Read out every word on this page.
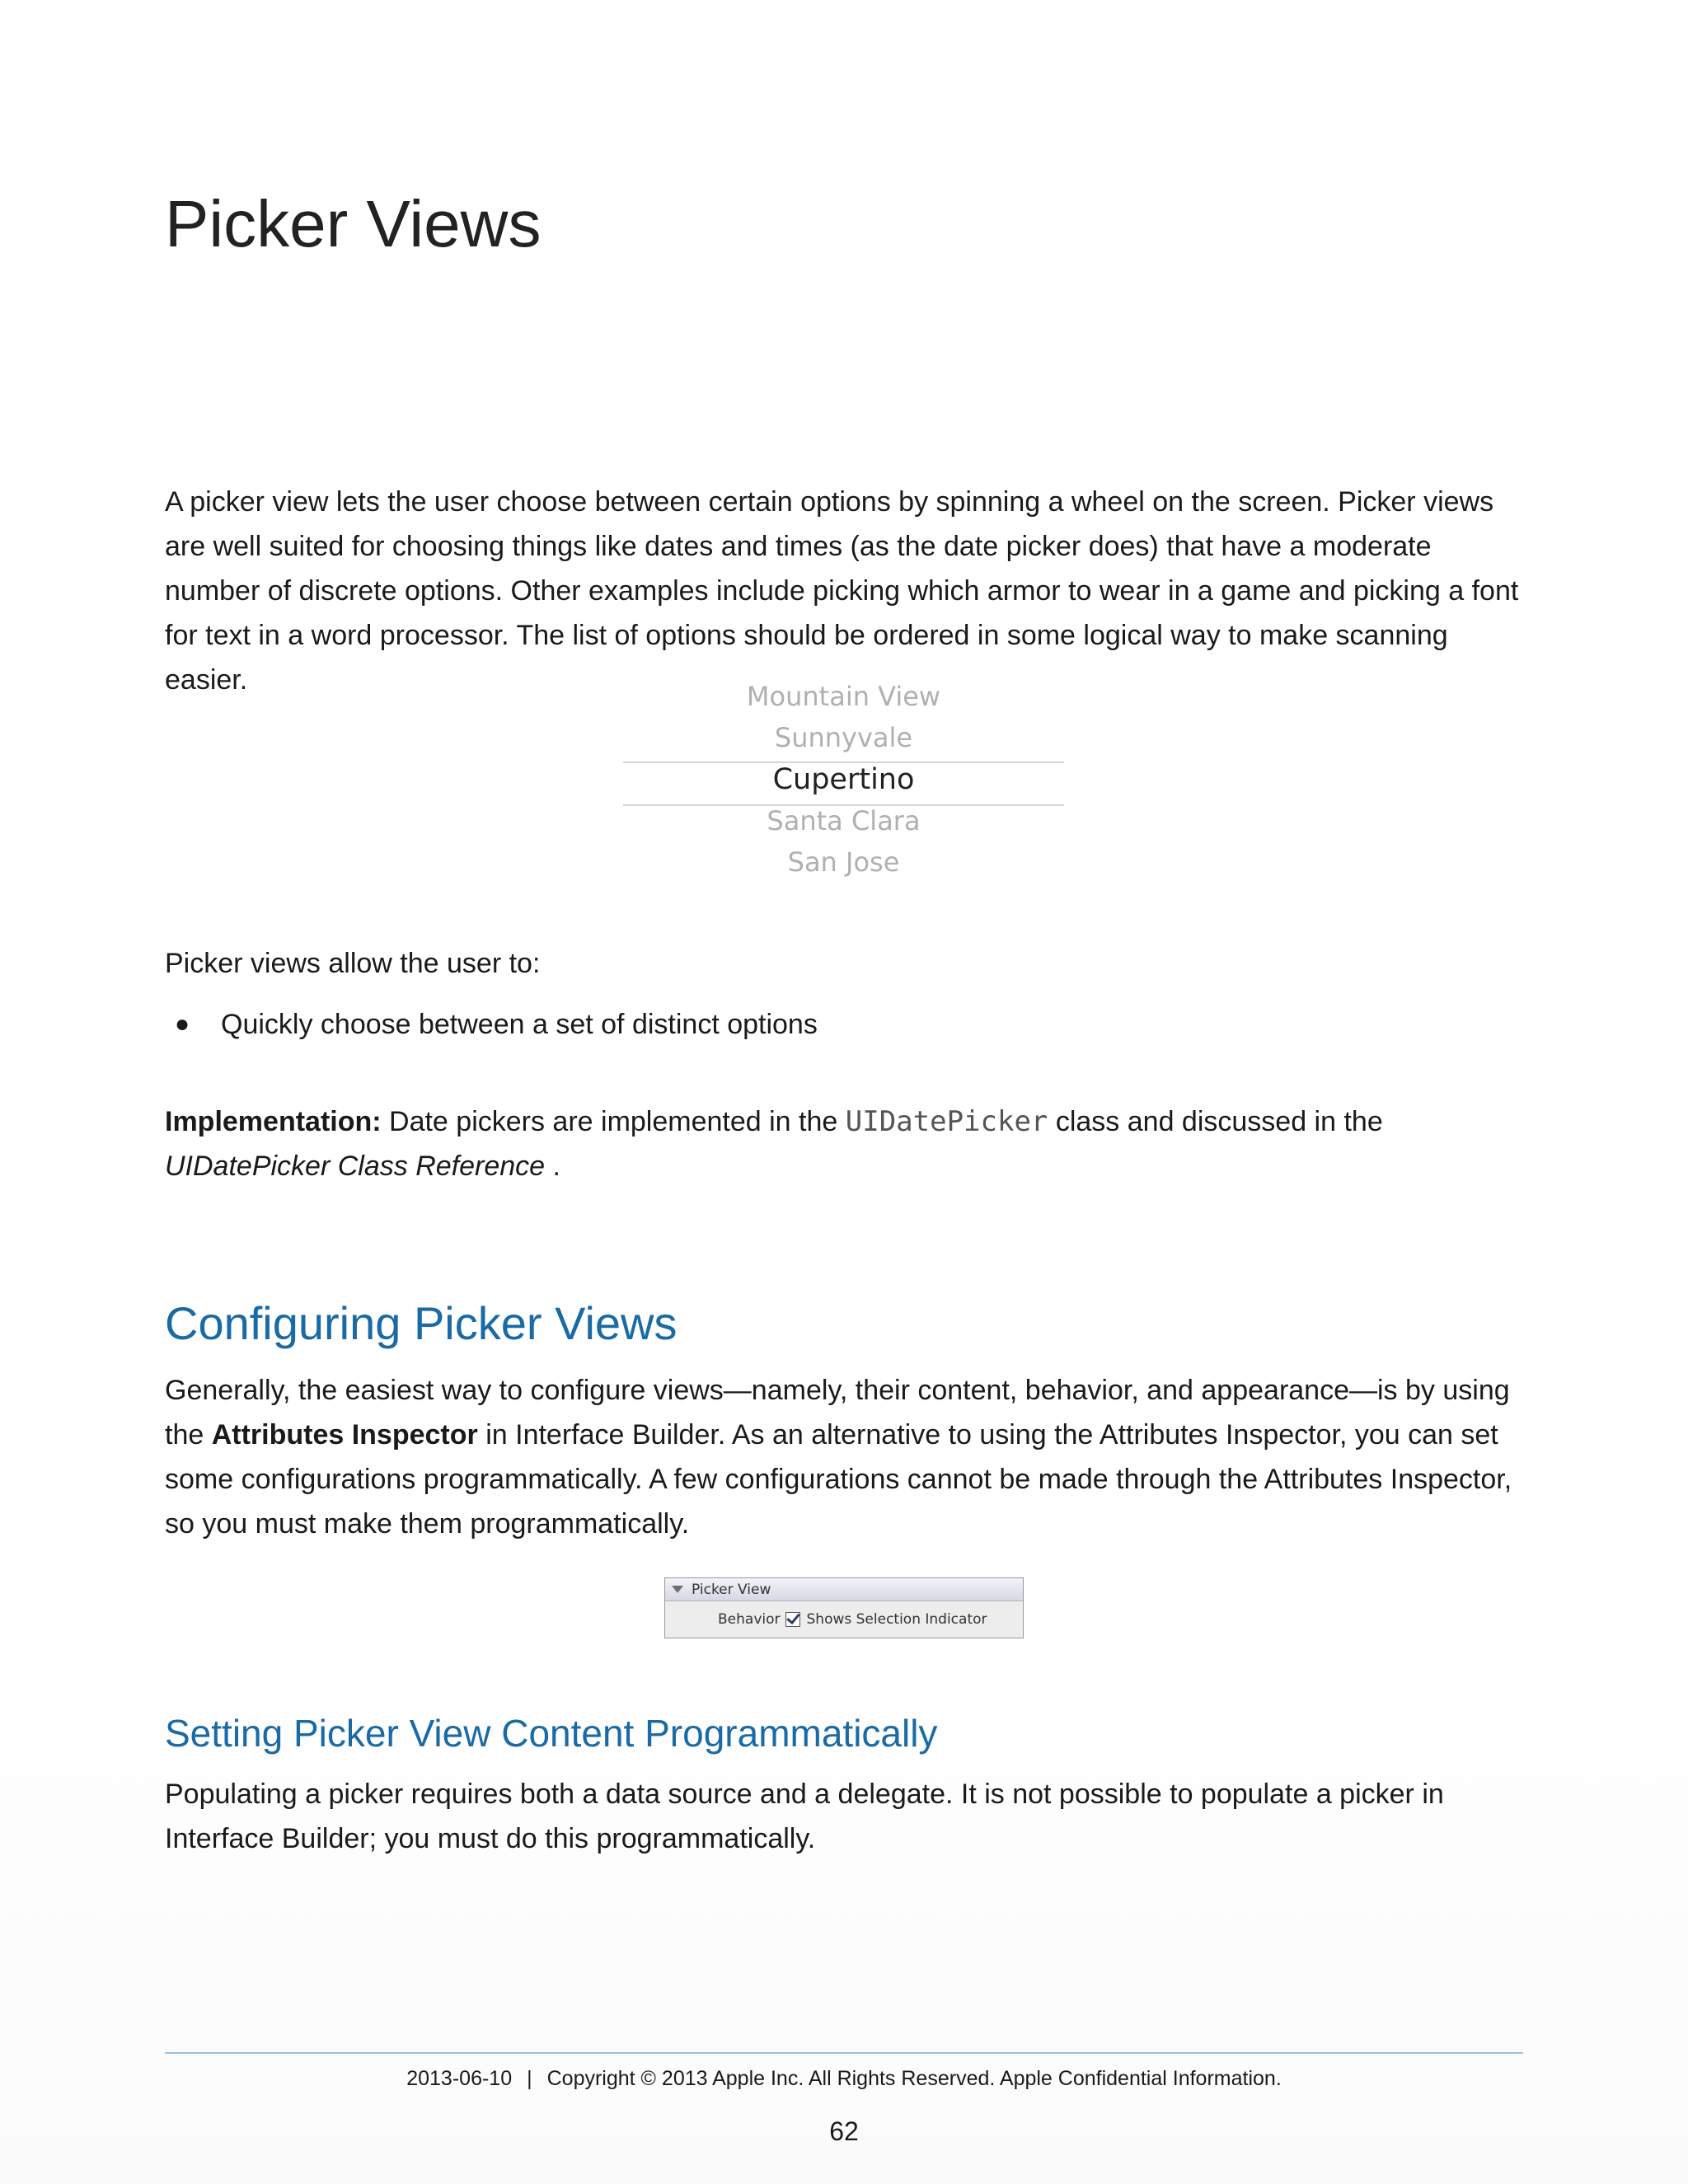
Picker Views

A picker view lets the user choose between certain options by spinning a wheel on the screen. Picker views are well suited for choosing things like dates and times (as the date picker does) that have a moderate number of discrete options. Other examples include picking which armor to wear in a game and picking a font for text in a word processor. The list of options should be ordered in some logical way to make scanning easier.

Mountain View
Sunnyvale
Cupertino
Santa Clara
San Jose

Picker views allow the user to:

●	Quickly choose between a set of distinct options

Implementation: Date pickers are implemented in the UIDatePicker class and discussed in the UIDatePicker Class Reference .

Configuring Picker Views

Generally, the easiest way to configure views—namely, their content, behavior, and appearance—is by using the Attributes Inspector in Interface Builder. As an alternative to using the Attributes Inspector, you can set some configurations programmatically. A few configurations cannot be made through the Attributes Inspector, so you must make them programmatically.

Picker View
Behavior Shows Selection Indicator
Setting Picker View Content Programmatically

Populating a picker requires both a data source and a delegate. It is not possible to populate a picker in Interface Builder; you must do this programmatically.

2013-06-10 | Copyright © 2013 Apple Inc. All Rights Reserved. Apple Confidential Information.
62
